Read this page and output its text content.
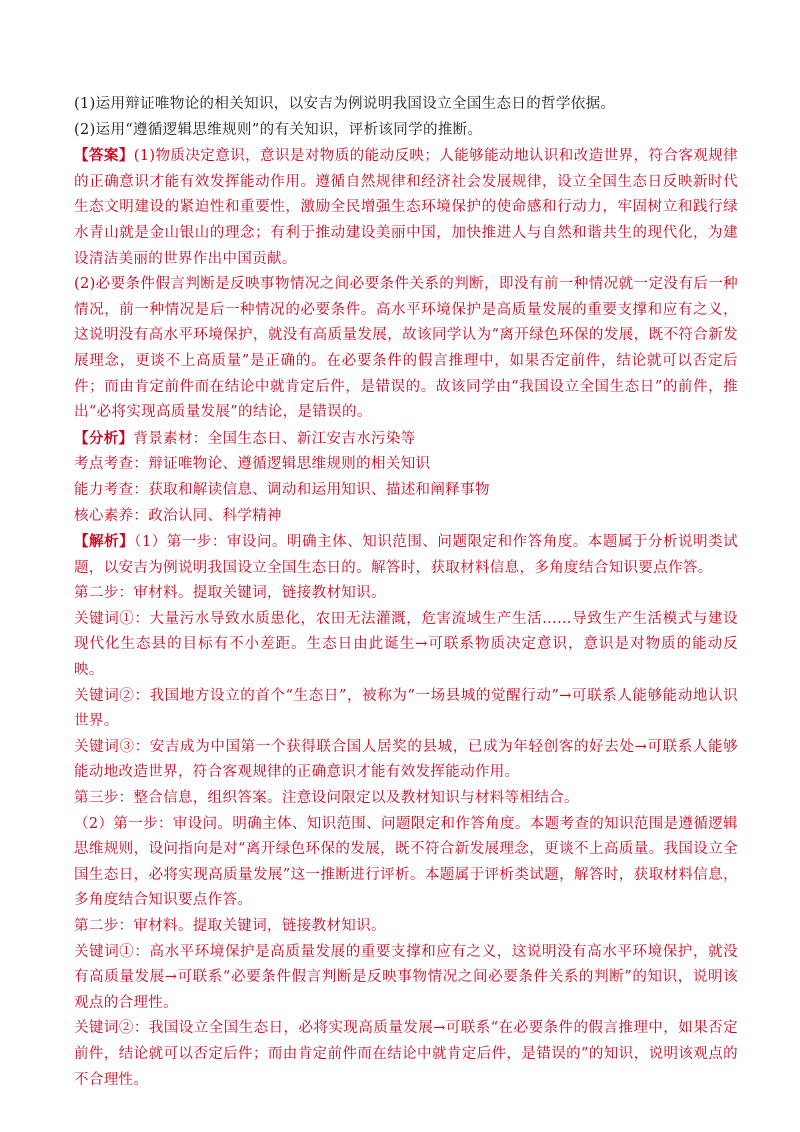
(1)运用辩证唯物论的相关知识，以安吉为例说明我国设立全国生态日的哲学依据。

(2)运用“遵循逻辑思维规则”的有关知识，评析该同学的推断。

【答案】(1)物质决定意识，意识是对物质的能动反映；人能够能动地认识和改造世界，符合客观规律的正确意识才能有效发挥能动作用。遵循自然规律和经济社会发展规律，设立全国生态日反映新时代生态文明建设的紧迫性和重要性，激励全民增强生态环境保护的使命感和行动力，牢固树立和践行绿水青山就是金山银山的理念；有利于推动建设美丽中国，加快推进人与自然和谐共生的现代化，为建设清洁美丽的世界作出中国贡献。

(2)必要条件假言判断是反映事物情况之间必要条件关系的判断，即没有前一种情况就一定没有后一种情况，前一种情况是后一种情况的必要条件。高水平环境保护是高质量发展的重要支撑和应有之义，这说明没有高水平环境保护，就没有高质量发展，故该同学认为“离开绿色环保的发展，既不符合新发展理念，更谈不上高质量”是正确的。在必要条件的假言推理中，如果否定前件，结论就可以否定后件；而由肯定前件而在结论中就肯定后件，是错误的。故该同学由“我国设立全国生态日”的前件，推出“必将实现高质量发展”的结论，是错误的。

【分析】背景素材：全国生态日、新江安吉水污染等

考点考查：辩证唯物论、遵循逻辑思维规则的相关知识

能力考查：获取和解读信息、调动和运用知识、描述和阐释事物

核心素养：政治认同、科学精神

【解析】（1）第一步：审设问。明确主体、知识范围、问题限定和作答角度。本题属于分析说明类试题，以安吉为例说明我国设立全国生态日的。解答时，获取材料信息，多角度结合知识要点作答。

第二步：审材料。提取关键词，链接教材知识。

关键词①：大量污水导致水质患化，农田无法灌溉，危害流域生产生活……导致生产生活模式与建设现代化生态县的目标有不小差距。生态日由此诞生→可联系物质决定意识，意识是对物质的能动反映。

关键词②：我国地方设立的首个“生态日”，被称为“一场县城的觉醒行动”→可联系人能够能动地认识世界。

关键词③：安吉成为中国第一个获得联合国人居奖的县城，已成为年轻创客的好去处→可联系人能够能动地改造世界，符合客观规律的正确意识才能有效发挥能动作用。

第三步：整合信息，组织答案。注意设问限定以及教材知识与材料等相结合。

（2）第一步：审设问。明确主体、知识范围、问题限定和作答角度。本题考查的知识范围是遵循逻辑思维规则，设问指向是对“离开绿色环保的发展，既不符合新发展理念，更谈不上高质量。我国设立全国生态日，必将实现高质量发展”这一推断进行评析。本题属于评析类试题，解答时，获取材料信息，多角度结合知识要点作答。

第二步：审材料。提取关键词，链接教材知识。

关键词①：高水平环境保护是高质量发展的重要支撑和应有之义，这说明没有高水平环境保护，就没有高质量发展→可联系“必要条件假言判断是反映事物情况之间必要条件关系的判断”的知识，说明该观点的合理性。

关键词②：我国设立全国生态日，必将实现高质量发展→可联系“在必要条件的假言推理中，如果否定前件，结论就可以否定后件；而由肯定前件而在结论中就肯定后件，是错误的”的知识，说明该观点的不合理性。
